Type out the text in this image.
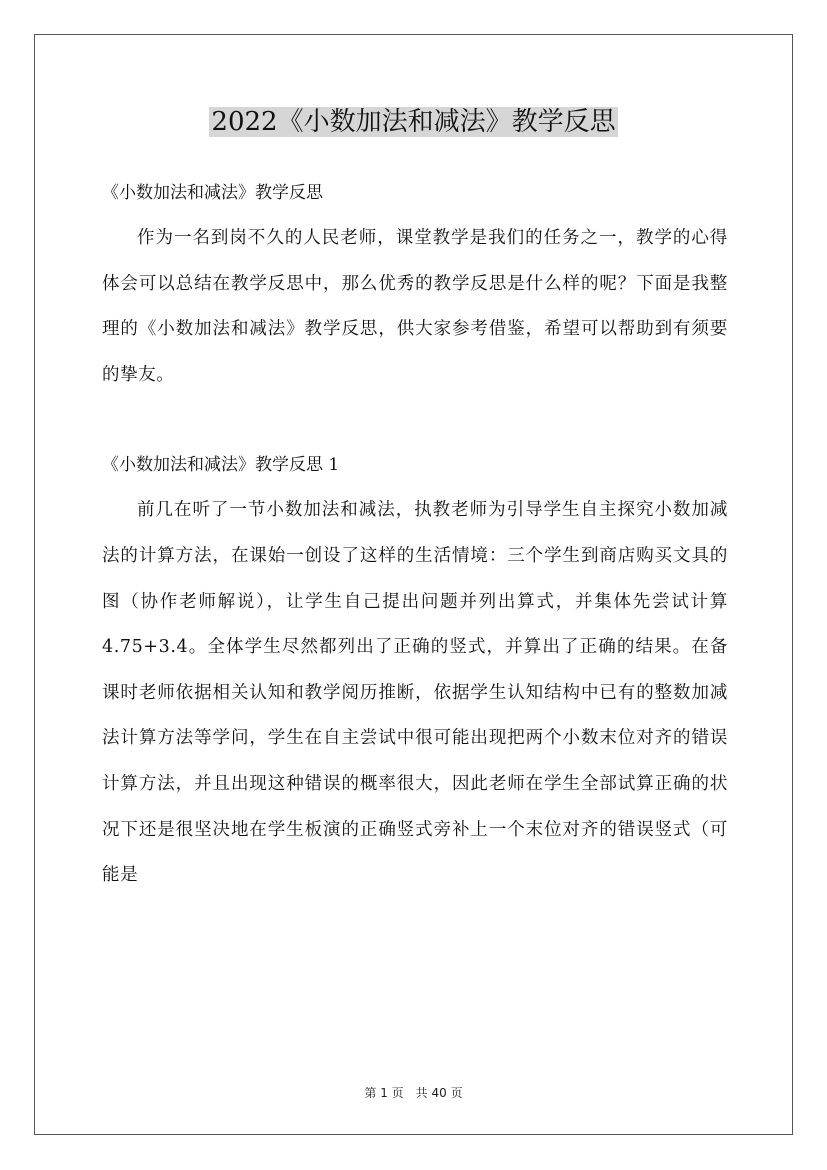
2022《小数加法和减法》教学反思
《小数加法和减法》教学反思

作为一名到岗不久的人民老师，课堂教学是我们的任务之一，教学的心得体会可以总结在教学反思中，那么优秀的教学反思是什么样的呢？下面是我整理的《小数加法和减法》教学反思，供大家参考借鉴，希望可以帮助到有须要的挚友。

《小数加法和减法》教学反思 1

前几在听了一节小数加法和减法，执教老师为引导学生自主探究小数加减法的计算方法，在课始一创设了这样的生活情境：三个学生到商店购买文具的图（协作老师解说），让学生自己提出问题并列出算式，并集体先尝试计算 4.75+3.4。全体学生尽然都列出了正确的竖式，并算出了正确的结果。在备课时老师依据相关认知和教学阅历推断，依据学生认知结构中已有的整数加减法计算方法等学问，学生在自主尝试中很可能出现把两个小数末位对齐的错误计算方法，并且出现这种错误的概率很大，因此老师在学生全部试算正确的状况下还是很坚决地在学生板演的正确竖式旁补上一个末位对齐的错误竖式（可能是

第 1 页　共 40 页
